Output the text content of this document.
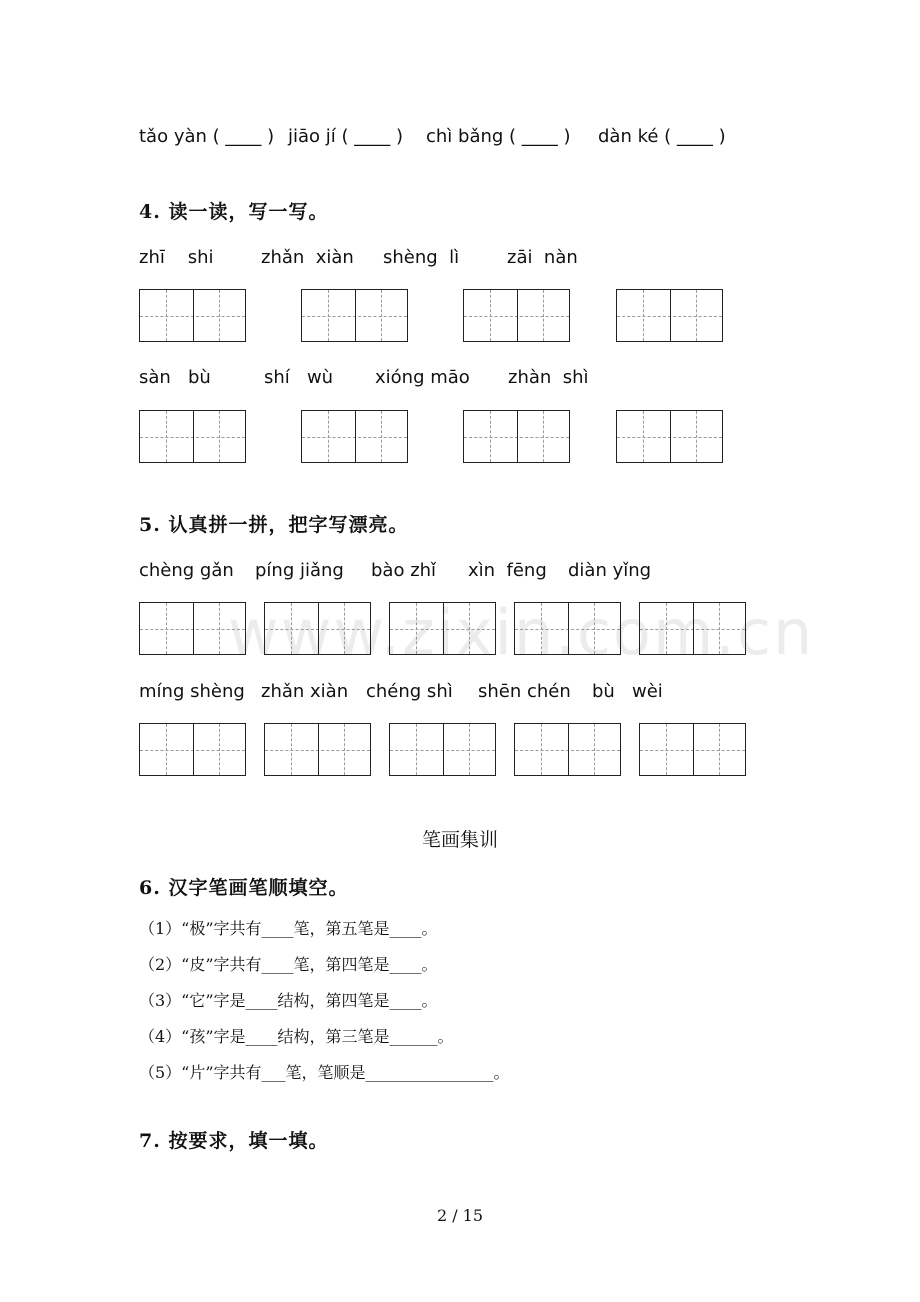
www.zixin.com.cn
tǎo yàn ( ____ ) jiāo jí ( ____ ) chì bǎng ( ____ ) dàn ké ( ____ )
4. 读一读，写一写。
zhī    shi	zhǎn  xiàn shèng  lì	zāi  nàn
sàn   bù	shí   wù xióng māo zhàn  shì
5. 认真拼一拼，把字写漂亮。
chèng gǎn píng jiǎng bào zhǐ xìn  fēng diàn yǐng
míng shèng zhǎn xiàn chéng shì shēn chén bù   wèi
笔画集训
6. 汉字笔画笔顺填空。
（1）“极”字共有____笔，第五笔是____。
（2）“皮”字共有____笔，第四笔是____。
（3）“它”字是____结构，第四笔是____。
（4）“孩”字是____结构，第三笔是______。
（5）“片”字共有___笔，笔顺是________________。
7. 按要求，填一填。
2 / 15
